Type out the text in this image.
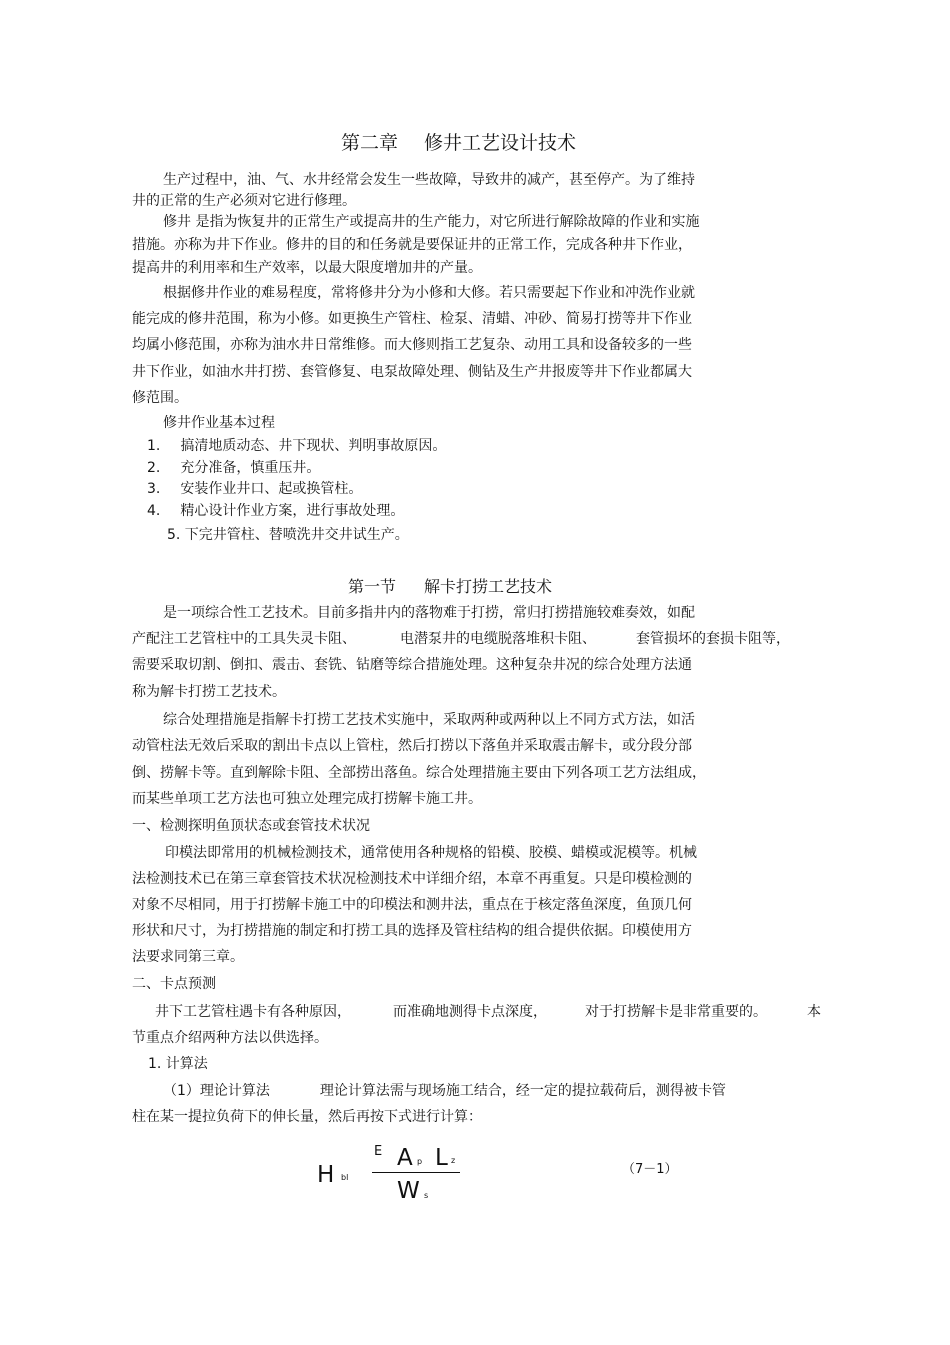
第二章 修井工艺设计技术
生产过程中，油、气、水井经常会发生一些故障，导致井的减产，甚至停产。为了维持
井的正常的生产必须对它进行修理。
修井 是指为恢复井的正常生产或提高井的生产能力，对它所进行解除故障的作业和实施
措施。亦称为井下作业。修井的目的和任务就是要保证井的正常工作，完成各种井下作业，
提高井的利用率和生产效率，以最大限度增加井的产量。
根据修井作业的难易程度，常将修井分为小修和大修。若只需要起下作业和冲洗作业就
能完成的修井范围，称为小修。如更换生产管柱、检泵、清蜡、冲砂、简易打捞等井下作业
均属小修范围，亦称为油水井日常维修。而大修则指工艺复杂、动用工具和设备较多的一些
井下作业，如油水井打捞、套管修复、电泵故障处理、侧钻及生产井报废等井下作业都属大
修范围。
修井作业基本过程
1. 搞清地质动态、井下现状、判明事故原因。
2. 充分准备，慎重压井。
3. 安装作业井口、起或换管柱。
4. 精心设计作业方案，进行事故处理。
5. 下完井管柱、替喷洗井交井试生产。
第一节 解卡打捞工艺技术
是一项综合性工艺技术。目前多指井内的落物难于打捞，常归打捞措施较难奏效，如配
产配注工艺管柱中的工具失灵卡阻、	电潜泵井的电缆脱落堆积卡阻、	套管损坏的套损卡阻等，
需要采取切割、倒扣、震击、套铣、钻磨等综合措施处理。这种复杂井况的综合处理方法通
称为解卡打捞工艺技术。
综合处理措施是指解卡打捞工艺技术实施中，采取两种或两种以上不同方式方法，如活
动管柱法无效后采取的割出卡点以上管柱，然后打捞以下落鱼并采取震击解卡，或分段分部
倒、捞解卡等。直到解除卡阻、全部捞出落鱼。综合处理措施主要由下列各项工艺方法组成，
而某些单项工艺方法也可独立处理完成打捞解卡施工井。
一、检测探明鱼顶状态或套管技术状况
印模法即常用的机械检测技术，通常使用各种规格的铅模、胶模、蜡模或泥模等。机械
法检测技术已在第三章套管技术状况检测技术中详细介绍，本章不再重复。只是印模检测的
对象不尽相同，用于打捞解卡施工中的印模法和测井法，重点在于核定落鱼深度，鱼顶几何
形状和尺寸，为打捞措施的制定和打捞工具的选择及管柱结构的组合提供依据。印模使用方
法要求同第三章。
二、卡点预测
井下工艺管柱遇卡有各种原因，	而准确地测得卡点深度，	对于打捞解卡是非常重要的。	本
节重点介绍两种方法以供选择。
1. 计算法
（1）理论计算法	理论计算法需与现场施工结合，经一定的提拉载荷后，测得被卡管
柱在某一提拉负荷下的伸长量，然后再按下式进行计算：
H bl
E A p L z
W s
（7－1）
